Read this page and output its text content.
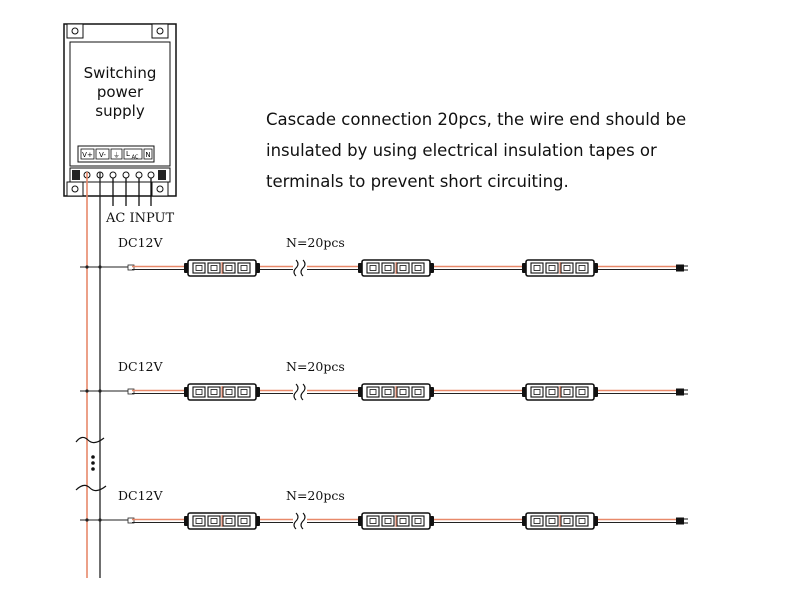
V+ V- ⏚ L AC N
AC INPUT
DC12V	N=20pcs
DC12V	N=20pcs
DC12V	N=20pcs
Switching
power
supply	Cascade connection 20pcs, the wire end should be
insulated by using electrical insulation tapes or
terminals to prevent short circuiting.
